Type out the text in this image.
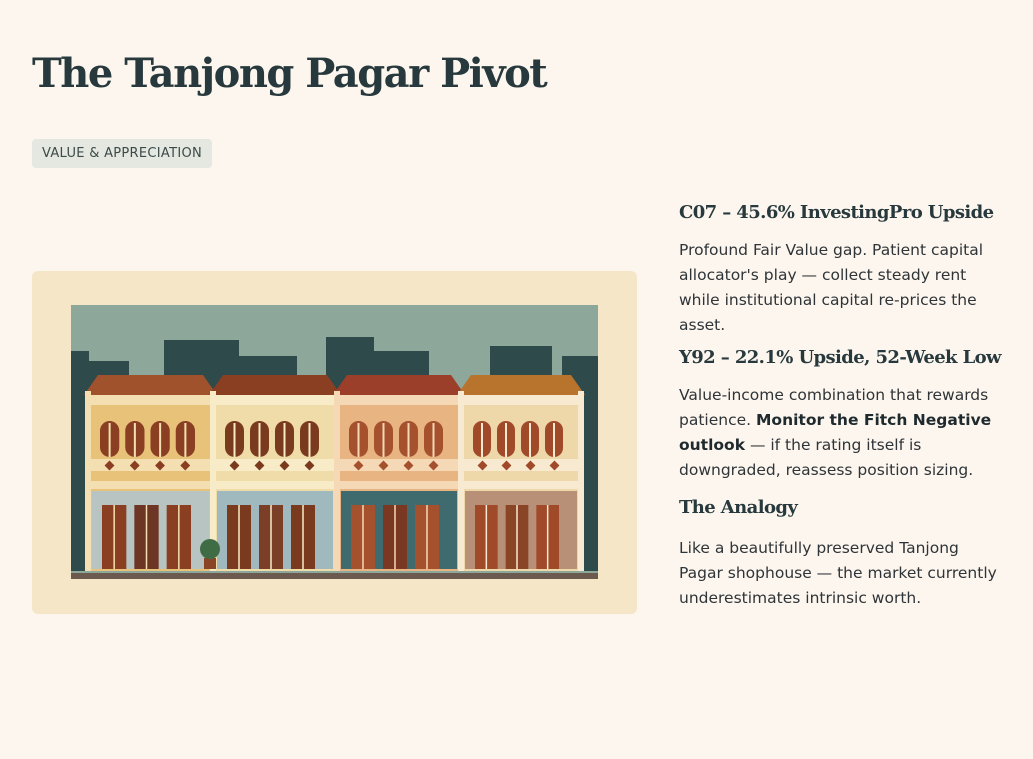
The Tanjong Pagar Pivot
VALUE & APPRECIATION
C07 – 45.6% InvestingPro Upside

Profound Fair Value gap. Patient capital allocator's play — collect steady rent while institutional capital re-prices the asset.

Y92 – 22.1% Upside, 52-Week Low

Value-income combination that rewards patience. Monitor the Fitch Negative outlook — if the rating itself is downgraded, reassess position sizing.

The Analogy

Like a beautifully preserved Tanjong Pagar shophouse — the market currently underestimates intrinsic worth.
